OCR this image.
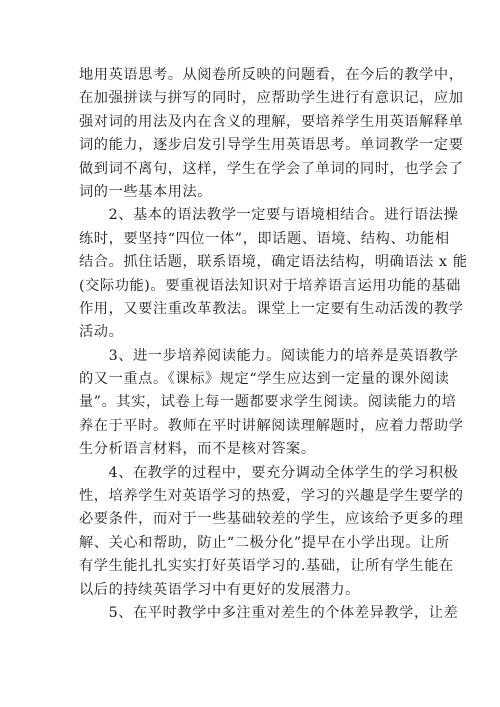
地用英语思考。从阅卷所反映的问题看，在今后的教学中，
在加强拼读与拼写的同时，应帮助学生进行有意识记，应加
强对词的用法及内在含义的理解，要培养学生用英语解释单
词的能力，逐步启发引导学生用英语思考。单词教学一定要
做到词不离句，这样，学生在学会了单词的同时，也学会了
词的一些基本用法。
　　2、基本的语法教学一定要与语境相结合。进行语法操
练时，要坚持“四位一体”，即话题、语境、结构、功能相
结合。抓住话题，联系语境，确定语法结构，明确语法 x 能
(交际功能)。要重视语法知识对于培养语言运用功能的基础
作用，又要注重改革教法。课堂上一定要有生动活泼的教学
活动。
　　3、进一步培养阅读能力。阅读能力的培养是英语教学
的又一重点。《课标》规定“学生应达到一定量的课外阅读
量”。其实，试卷上每一题都要求学生阅读。阅读能力的培
养在于平时。教师在平时讲解阅读理解题时，应着力帮助学
生分析语言材料，而不是核对答案。
　　4、在教学的过程中，要充分调动全体学生的学习积极
性，培养学生对英语学习的热爱，学习的兴趣是学生要学的
必要条件，而对于一些基础较差的学生，应该给予更多的理
解、关心和帮助，防止“二极分化”提早在小学出现。让所
有学生能扎扎实实打好英语学习的.基础，让所有学生能在
以后的持续英语学习中有更好的发展潜力。
　　5、在平时教学中多注重对差生的个体差异教学，让差
